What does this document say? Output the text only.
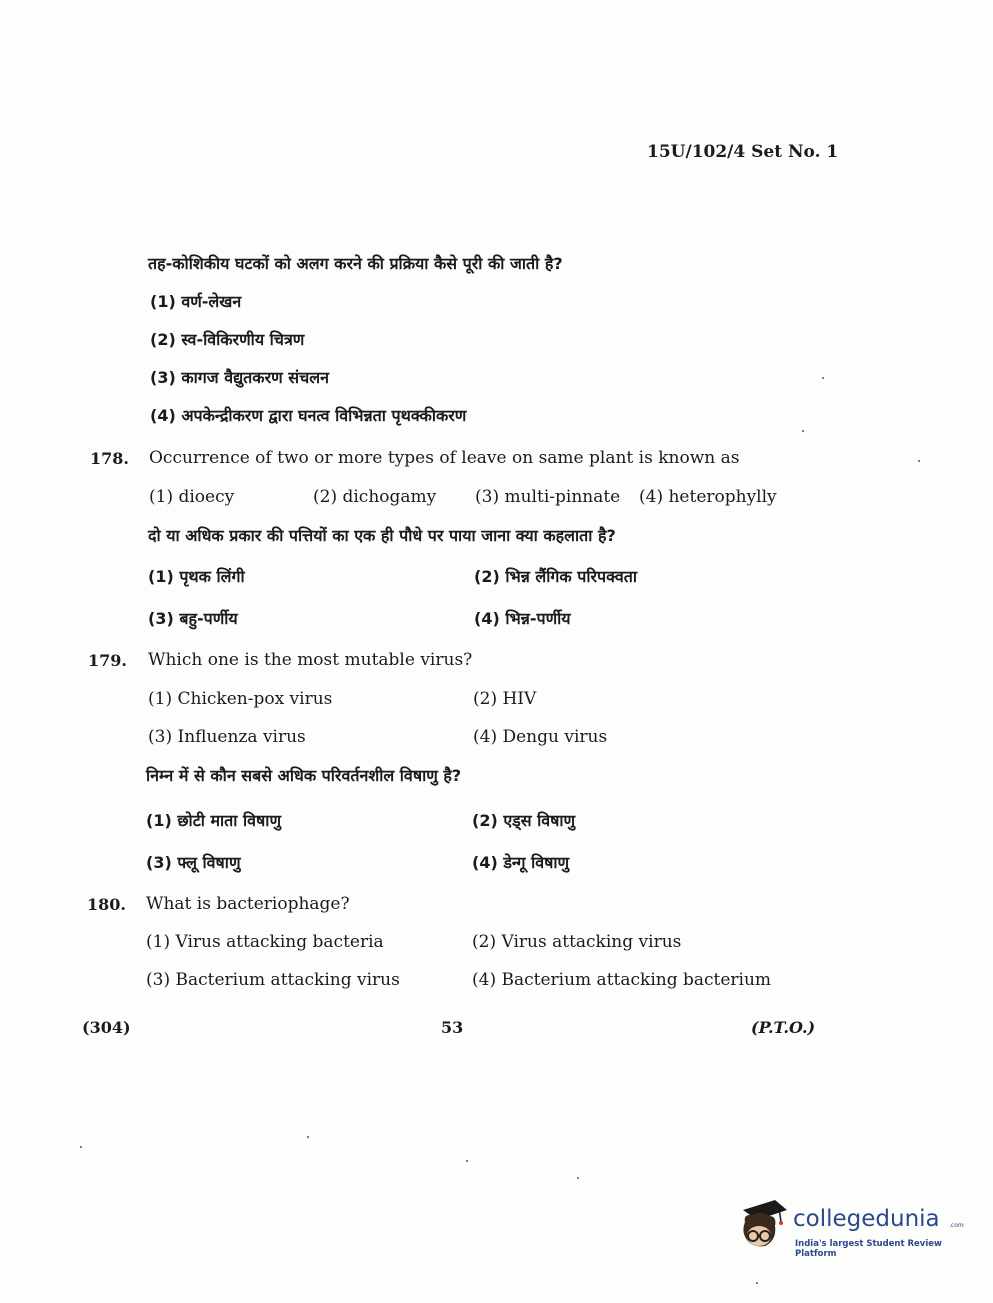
15U/102/4 Set No. 1
तह-कोशिकीय घटकों को अलग करने की प्रक्रिया कैसे पूरी की जाती है?
(1) वर्ण-लेखन
(2) स्व-विकिरणीय चित्रण
(3) कागज वैद्युतकरण संचलन
(4) अपकेन्द्रीकरण द्वारा घनत्व विभिन्नता पृथक्कीकरण
178. Occurrence of two or more types of leave on same plant is known as
(1) dioecy	(2) dichogamy (3) multi-pinnate (4) heterophylly
दो या अधिक प्रकार की पत्तियों का एक ही पौधे पर पाया जाना क्या कहलाता है?
(1) पृथक लिंगी	(2) भिन्न लैंगिक परिपक्वता
(3) बहु-पर्णीय	(4) भिन्न-पर्णीय
179. Which one is the most mutable virus?
(1) Chicken-pox virus	(2) HIV
(3) Influenza virus	(4) Dengu virus
निम्न में से कौन सबसे अधिक परिवर्तनशील विषाणु है?
(1) छोटी माता विषाणु	(2) एड्स विषाणु
(3) फ्लू विषाणु	(4) डेन्गू विषाणु
180. What is bacteriophage?
(1) Virus attacking bacteria	(2) Virus attacking virus
(3) Bacterium attacking virus	(4) Bacterium attacking bacterium
(304)	53	(P.T.O.)
collegedunia .com
India's largest Student Review Platform
